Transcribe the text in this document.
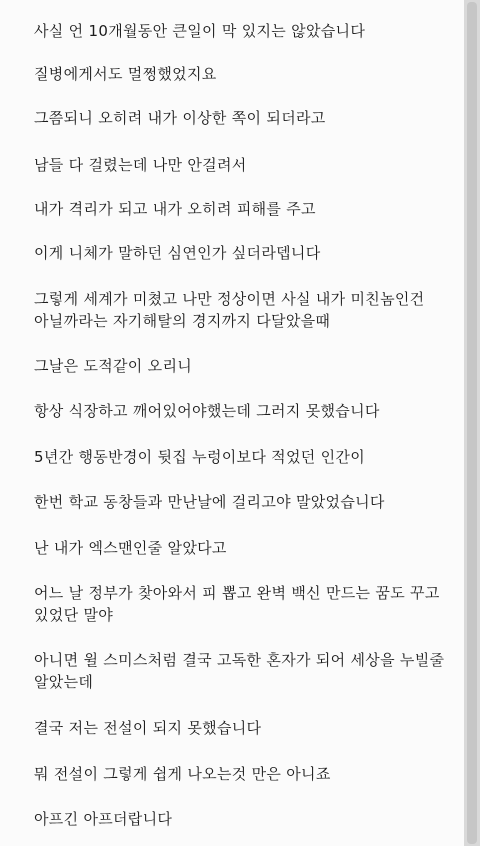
사실 언 10개월동안 큰일이 막 있지는 않았습니다

질병에게서도 멀쩡했었지요

그쯤되니 오히려 내가 이상한 쪽이 되더라고

남들 다 걸렸는데 나만 안걸려서

내가 격리가 되고 내가 오히려 피해를 주고

이게 니체가 말하던 심연인가 싶더라뎁니다

그렇게 세계가 미쳤고 나만 정상이면 사실 내가 미친놈인건
아닐까라는 자기해탈의 경지까지 다달았을때

그날은 도적같이 오리니

항상 식장하고 깨어있어야했는데 그러지 못했습니다

5년간 행동반경이 뒷집 누렁이보다 적었던 인간이

한번 학교 동창들과 만난날에 걸리고야 말았었습니다

난 내가 엑스맨인줄 알았다고

어느 날 정부가 찾아와서 피 뽑고 완벽 백신 만드는 꿈도 꾸고
있었단 말야

아니면 윌 스미스처럼 결국 고독한 혼자가 되어 세상을 누빌줄
알았는데

결국 저는 전설이 되지 못했습니다

뭐 전설이 그렇게 쉽게 나오는것 만은 아니죠

아프긴 아프더랍니다
